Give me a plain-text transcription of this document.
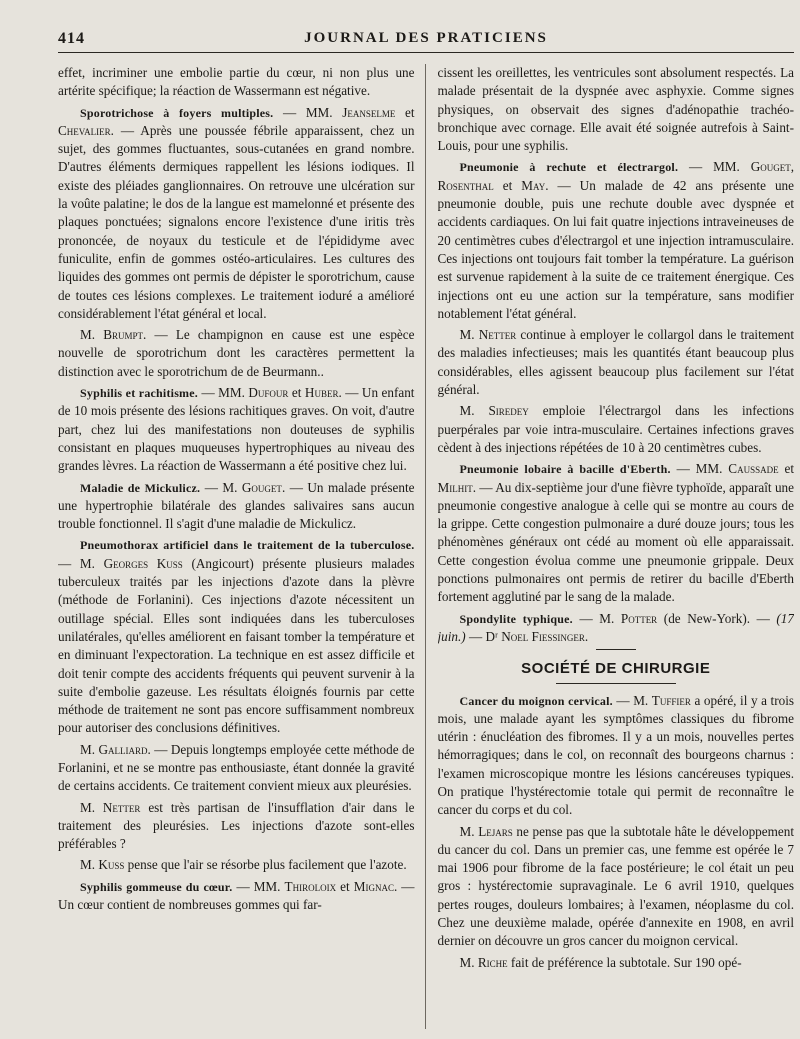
414	JOURNAL DES PRATICIENS

effet, incriminer une embolie partie du cœur, ni non plus une artérite spécifique; la réaction de Wassermann est négative.

Sporotrichose à foyers multiples. — MM. Jeanselme et Chevalier. — Après une poussée fébrile apparaissent, chez un sujet, des gommes fluctuantes, sous-cutanées en grand nombre. D'autres éléments dermiques rappellent les lésions iodiques. Il existe des pléiades ganglionnaires. On retrouve une ulcération sur la voûte palatine; le dos de la langue est mamelonné et présente des plaques ponctuées; signalons encore l'existence d'une iritis très prononcée, de noyaux du testicule et de l'épididyme avec funiculite, enfin de gommes ostéo-articulaires. Les cultures des liquides des gommes ont permis de dépister le sporotrichum, cause de toutes ces lésions complexes. Le traitement ioduré a amélioré considérablement l'état général et local.

M. Brumpt. — Le champignon en cause est une espèce nouvelle de sporotrichum dont les caractères permettent la distinction avec le sporotrichum de de Beurmann..

Syphilis et rachitisme. — MM. Dufour et Huber. — Un enfant de 10 mois présente des lésions rachitiques graves. On voit, d'autre part, chez lui des manifestations non douteuses de syphilis consistant en plaques muqueuses hypertrophiques au niveau des grandes lèvres. La réaction de Wassermann a été positive chez lui.

Maladie de Mickulicz. — M. Gouget. — Un malade présente une hypertrophie bilatérale des glandes salivaires sans aucun trouble fonctionnel. Il s'agit d'une maladie de Mickulicz.

Pneumothorax artificiel dans le traitement de la tuberculose. — M. Georges Kuss (Angicourt) présente plusieurs malades tuberculeux traités par les injections d'azote dans la plèvre (méthode de Forlanini). Ces injections d'azote nécessitent un outillage spécial. Elles sont indiquées dans les tuberculoses unilatérales, qu'elles améliorent en faisant tomber la température et en diminuant l'expectoration. La technique en est assez difficile et doit tenir compte des accidents fréquents qui peuvent survenir à la suite d'embolie gazeuse. Les résultats éloignés fournis par cette méthode de traitement ne sont pas encore suffisamment nombreux pour autoriser des conclusions définitives.

M. Galliard. — Depuis longtemps employée cette méthode de Forlanini, et ne se montre pas enthousiaste, étant donnée la gravité de certains accidents. Ce traitement convient mieux aux pleurésies.

M. Netter est très partisan de l'insufflation d'air dans le traitement des pleurésies. Les injections d'azote sont-elles préférables ?

M. Kuss pense que l'air se résorbe plus facilement que l'azote.

Syphilis gommeuse du cœur. — MM. Thiroloix et Mignac. — Un cœur contient de nombreuses gommes qui far-

cissent les oreillettes, les ventricules sont absolument respectés. La malade présentait de la dyspnée avec asphyxie. Comme signes physiques, on observait des signes d'adénopathie trachéo-bronchique avec cornage. Elle avait été soignée autrefois à Saint-Louis, pour une syphilis.

Pneumonie à rechute et électrargol. — MM. Gouget, Rosenthal et May. — Un malade de 42 ans présente une pneumonie double, puis une rechute double avec dyspnée et accidents cardiaques. On lui fait quatre injections intraveineuses de 20 centimètres cubes d'électrargol et une injection intramusculaire. Ces injections ont toujours fait tomber la température. La guérison est survenue rapidement à la suite de ce traitement énergique. Ces injections ont eu une action sur la température, sans modifier notablement l'état général.

M. Netter continue à employer le collargol dans le traitement des maladies infectieuses; mais les quantités étant beaucoup plus considérables, elles agissent beaucoup plus facilement sur l'état général.

M. Siredey emploie l'électrargol dans les infections puerpérales par voie intra-musculaire. Certaines infections graves cèdent à des injections répétées de 10 à 20 centimètres cubes.

Pneumonie lobaire à bacille d'Eberth. — MM. Caussade et Milhit. — Au dix-septième jour d'une fièvre typhoïde, apparaît une pneumonie congestive analogue à celle qui se montre au cours de la grippe. Cette congestion pulmonaire a duré douze jours; tous les phénomènes généraux ont cédé au moment où elle apparaissait. Cette congestion évolua comme une pneumonie grippale. Deux ponctions pulmonaires ont permis de retirer du bacille d'Eberth fortement agglutiné par le sang de la malade.

Spondylite typhique. — M. Potter (de New-York). — (17 juin.) — Dʳ Noel Fiessinger.

SOCIÉTÉ DE CHIRURGIE

Cancer du moignon cervical. — M. Tuffier a opéré, il y a trois mois, une malade ayant les symptômes classiques du fibrome utérin : énucléation des fibromes. Il y a un mois, nouvelles pertes hémorragiques; dans le col, on reconnaît des bourgeons charnus : l'examen microscopique montre les lésions cancéreuses typiques. On pratique l'hystérectomie totale qui permit de reconnaître le cancer du corps et du col.

M. Lejars ne pense pas que la subtotale hâte le développement du cancer du col. Dans un premier cas, une femme est opérée le 7 mai 1906 pour fibrome de la face postérieure; le col était un peu gros : hystérectomie supravaginale. Le 6 avril 1910, quelques pertes rouges, douleurs lombaires; à l'examen, néoplasme du col. Chez une deuxième malade, opérée d'annexite en 1908, en avril dernier on découvre un gros cancer du moignon cervical.

M. Riche fait de préférence la subtotale. Sur 190 opé-
